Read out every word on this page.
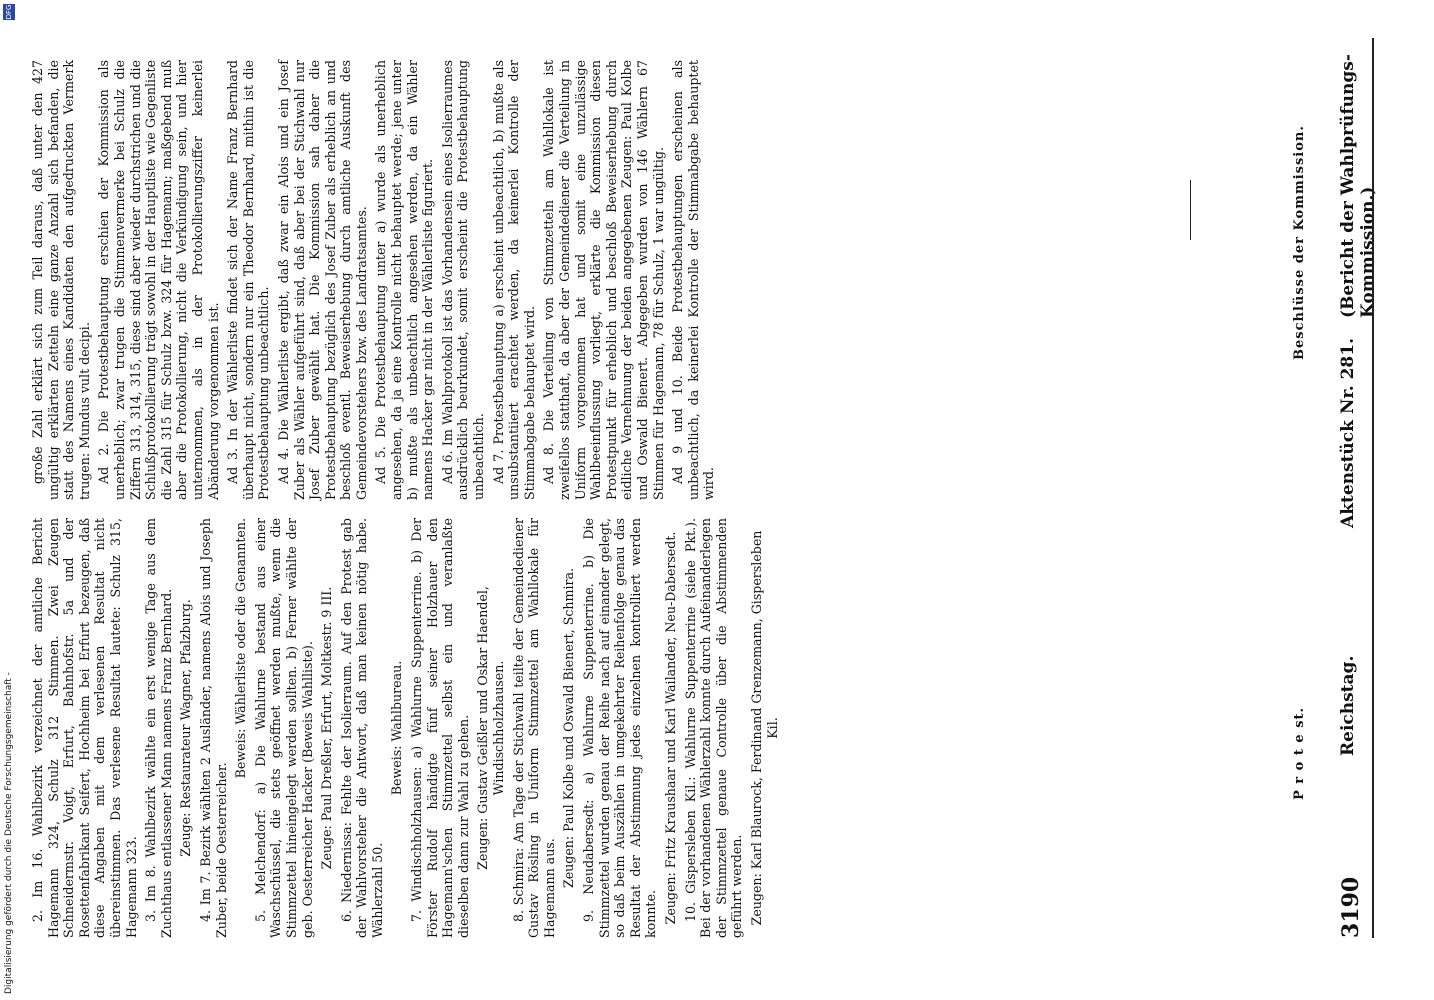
3190
Reichstag.
Aktenstück Nr. 281.
(Bericht der Wahlprüfungs-Kommission.)
P r o t e st.
Beschlüsse der Kommission.

2. Im 16. Wahlbezirk verzeichnet der amtliche Bericht Hagemann 324, Schulz 312 Stimmen. Zwei Zeugen Schneidermstr. Voigt, Erfurt, Bahnhofstr. 5a und der Rosettenfabrikant Seifert, Hochheim bei Erfurt bezeugen, daß diese Angaben mit dem verlesenen Resultat nicht übereinstimmen. Das verlesene Resultat lautete: Schulz 315, Hagemann 323. 3. Im 8. Wahlbezirk wählte ein erst wenige Tage aus dem Zuchthaus entlassener Mann namens Franz Bernhard. Zeuge: Restaurateur Wagner, Pfalzburg. 4. Im 7. Bezirk wählten 2 Ausländer, namens Alois und Joseph Zuber, beide Oesterreicher.

Beweis: Wählerliste oder die Genannten. 5. Melchendorf: a) Die Wahlurne bestand aus einer Waschschüssel, die stets geöffnet werden mußte, wenn die Stimmzettel hineingelegt werden sollten. b) Ferner wählte der geb. Oesterreicher Hacker (Beweis Wahlliste). Zeuge: Paul Dreßler, Erfurt, Moltkestr. 9 III. 6. Niedernissa: Fehlte der Isolierraum. Auf den Protest gab der Wahlvorsteher die Antwort, daß man keinen nötig habe. Wählerzahl 50.

Beweis: Wahlbureau. 7. Windischholzhausen: a) Wahlurne Suppenterrine. b) Der Förster Rudolf händigte fünf seiner Holzhauer den Hagemann'schen Stimmzettel selbst ein und veranlaßte dieselben dann zur Wahl zu gehen. Zeugen: Gustav Geißler und Oskar Haendel, Windischholzhausen. 8. Schmira: Am Tage der Stichwahl teilte der Gemeindediener Gustav Rösling in Uniform Stimmzettel am Wahllokale für Hagemann aus.

Zeugen: Paul Kolbe und Oswald Bienert, Schmira. 9. Neudabersedt: a) Wahlurne Suppenterrine. b) Die Stimmzettel wurden genau der Reihe nach auf einander gelegt, so daß beim Auszählen in umgekehrter Reihenfolge genau das Resultat der Abstimmung jedes einzelnen kontrolliert werden konnte. Zeugen: Fritz Kraushaar und Karl Wailander, Neu-Dabersedt. 10. Gispersleben Kil.: Wahlurne Suppenterrine (siehe Pkt.). Bei der vorhandenen Wählerzahl konnte durch Aufeinanderlegen der Stimmzettel genaue Controlle über die Abstimmenden geführt werden. Zeugen: Karl Blaurock, Ferdinand Grenzemann, Gispersleben Kil.

große Zahl erklärt sich zum Teil daraus, daß unter den 427 ungültig erklärten Zetteln eine ganze Anzahl sich befanden, die statt des Namens eines Kandidaten den aufgedruckten Vermerk trugen: Mundus vult decipi. Ad 2. Die Protestbehauptung erschien der Kommission als unerheblich; zwar trugen die Stimmenvermerke bei Schulz die Ziffern 313, 314, 315, diese sind aber wieder durchstrichen und die Schlußprotokollierung trägt sowohl in der Hauptliste wie Gegenliste die Zahl 315 für Schulz bzw. 324 für Hagemann; maßgebend muß aber die Protokollierung, nicht die Verkündigung sein, und hier unternommen, als in der Protokollierungsziffer keinerlei Abänderung vorgenommen ist. Ad 3. In der Wählerliste findet sich der Name Franz Bernhard überhaupt nicht, sondern nur ein Theodor Bernhard, mithin ist die Protestbehauptung unbeachtlich. Ad 4. Die Wählerliste ergibt, daß zwar ein Alois und ein Josef Zuber als Wähler aufgeführt sind, daß aber bei der Stichwahl nur Josef Zuber gewählt hat. Die Kommission sah daher die Protestbehauptung bezüglich des Josef Zuber als erheblich an und beschloß eventl. Beweiserhebung durch amtliche Auskunft des Gemeindevorstehers bzw. des Landratsamtes. Ad 5. Die Protestbehauptung unter a) wurde als unerheblich angesehen, da ja eine Kontrolle nicht behauptet werde; jene unter b) mußte als unbeachtlich angesehen werden, da ein Wähler namens Hacker gar nicht in der Wählerliste figuriert. Ad 6. Im Wahlprotokoll ist das Vorhandensein eines Isolierraumes ausdrücklich beurkundet, somit erscheint die Protestbehauptung unbeachtlich. Ad 7. Protestbehauptung a) erscheint unbeachtlich, b) mußte als unsubstantiiert erachtet werden, da keinerlei Kontrolle der Stimmabgabe behauptet wird. Ad 8. Die Verteilung von Stimmzetteln am Wahllokale ist zweifellos statthaft, da aber der Gemeindediener die Verteilung in Uniform vorgenommen hat und somit eine unzulässige Wahlbeeinflussung vorliegt, erklärte die Kommission diesen Protestpunkt für erheblich und beschloß Beweiserhebung durch eidliche Vernehmung der beiden angegebenen Zeugen: Paul Kolbe und Oswald Bienert. Abgegeben wurden von 146 Wählern 67 Stimmen für Hagemann, 78 für Schulz, 1 war ungültig. Ad 9 und 10. Beide Protestbehauptungen erscheinen als unbeachtlich, da keinerlei Kontrolle der Stimmabgabe behauptet wird.

Digitalisierung gefördert durch die Deutsche Forschungsgemeinschaft -
DFG
